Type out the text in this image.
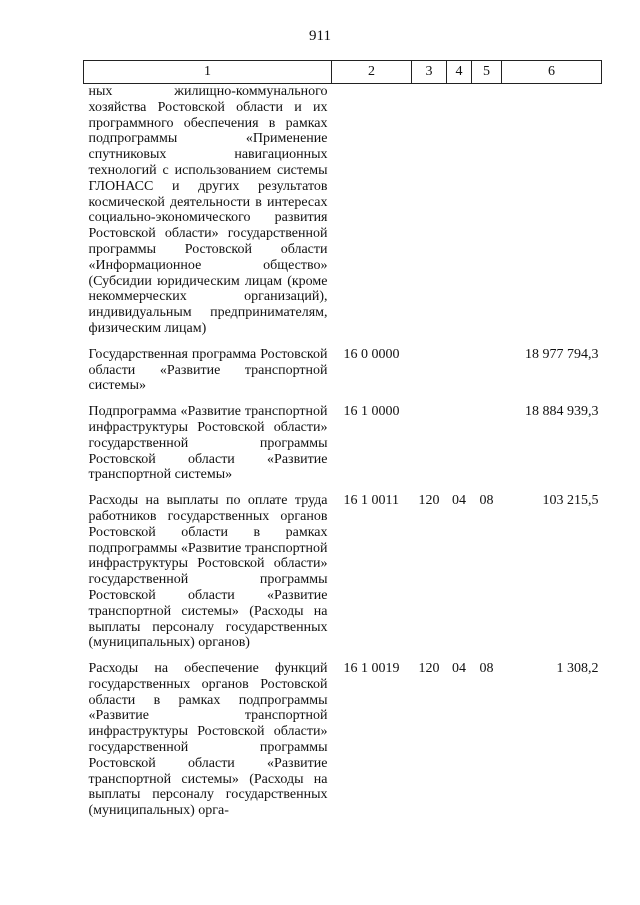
911
1	2	3	4	5	6
ных жилищно-коммунального хозяйства Ростовской области и их программного обеспечения в рамках подпрограммы «Применение спутниковых навигационных технологий с использованием системы ГЛОНАСС и других результатов космической деятельности в интересах социально-экономического развития Ростовской области» государственной программы Ростовской области «Информационное общество» (Субсидии юридическим лицам (кроме некоммерческих организаций), индивидуальным предпринимателям, физическим лицам)					
Государственная программа Ростовской области «Развитие транспортной системы»	16 0 0000				18 977 794,3
Подпрограмма «Развитие транспортной инфраструктуры Ростовской области» государственной программы Ростовской области «Развитие транспортной системы»	16 1 0000				18 884 939,3
Расходы на выплаты по оплате труда работников государственных органов Ростовской области в рамках подпрограммы «Развитие транспортной инфраструктуры Ростовской области» государственной программы Ростовской области «Развитие транспортной системы» (Расходы на выплаты персоналу государственных (муниципальных) органов)	16 1 0011	120	04	08	103 215,5
Расходы на обеспечение функций государственных органов Ростовской области в рамках подпрограммы «Развитие транспортной инфраструктуры Ростовской области» государственной программы Ростовской области «Развитие транспортной системы» (Расходы на выплаты персоналу государственных (муниципальных) орга-	16 1 0019	120	04	08	1 308,2
